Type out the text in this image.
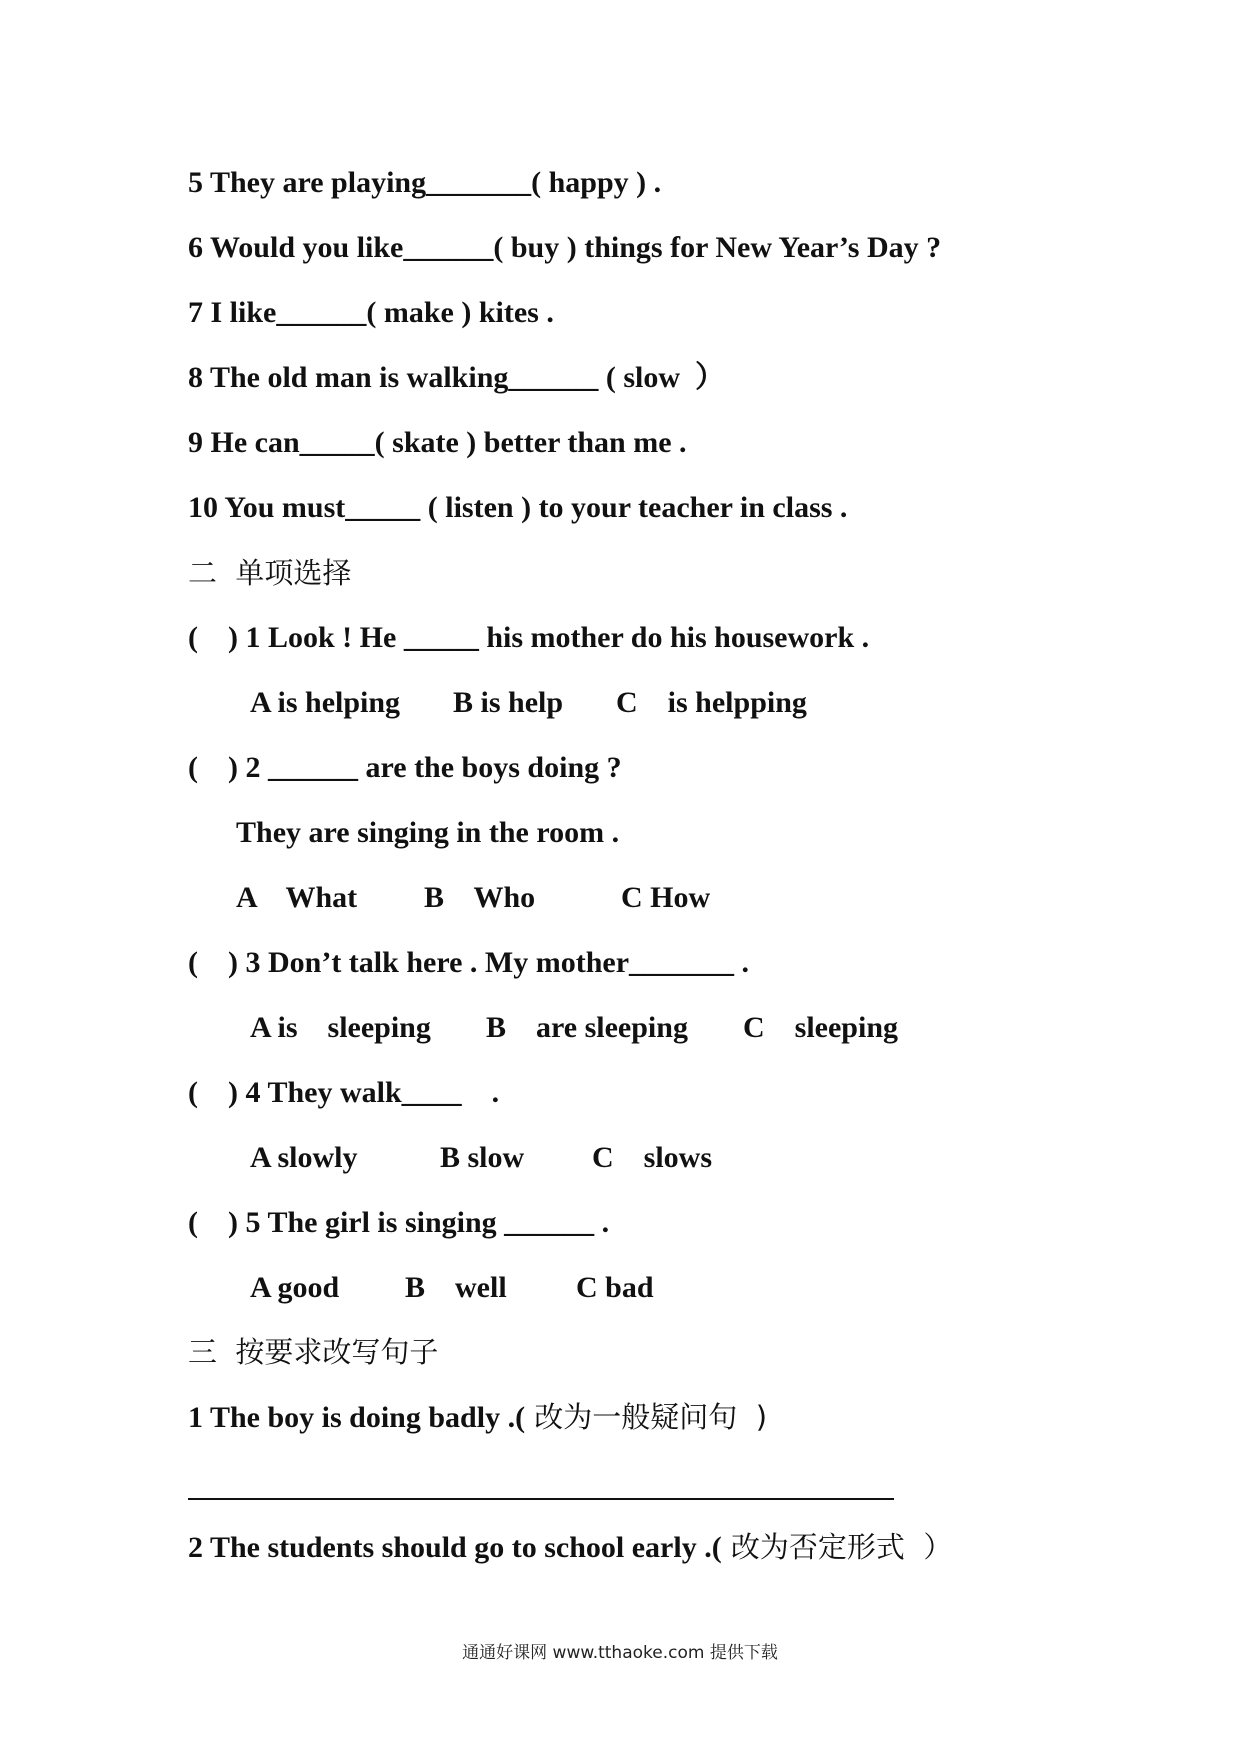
5 They are playing_______( happy ) .
6 Would you like______( buy ) things for New Year’s Day ?
7 I like______( make ) kites .
8 The old man is walking______ ( slow  ）
9 He can_____( skate ) better than me .
10 You must_____ ( listen ) to your teacher in class .
二  单项选择
(    ) 1 Look ! He _____ his mother do his housework .
A is helping B is help C    is helpping
(    ) 2 ______ are the boys doing ?
They are singing in the room .
A    What B    Who	C How
(    ) 3 Don’t talk here . My mother_______ .
A is    sleeping B    are sleeping C    sleeping
(    ) 4 They walk____    .
A slowly	B slow C    slows
(    ) 5 The girl is singing ______ .
A good B    well C bad
三  按要求改写句子
1 The boy is doing badly .( 改为一般疑问句  )
2 The students should go to school early .( 改为否定形式  ）
通通好课网 www.tthaoke.com 提供下载
